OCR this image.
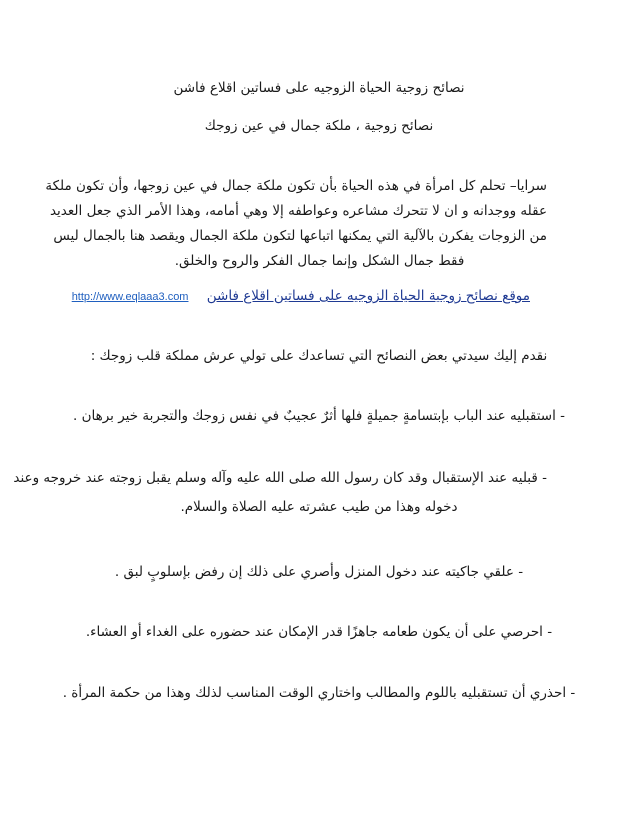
نصائح زوجية الحياة الزوجيه على فساتين اقلاع فاشن
نصائح زوجية ، ملكة جمال في عين زوجك
سرايا– تحلم كل امرأة في هذه الحياة بأن تكون ملكة جمال في عين زوجها، وأن تكون ملكة
عقله ووجدانه و ان لا تتحرك مشاعره وعواطفه إلا وهي أمامه، وهذا الأمر الذي جعل العديد
من الزوجات يفكرن بالآلية التي يمكنها اتباعها لتكون ملكة الجمال ويقصد هنا بالجمال ليس
فقط جمال الشكل وإنما جمال الفكر والروح والخلق.
موقع نصائح زوجية الحياة الزوجيه على فساتين اقلاع فاشن http://www.eqlaaa3.com
نقدم إليك سيدتي بعض النصائح التي تساعدك على تولي عرش مملكة قلب زوجك :
- استقبليه عند الباب بإبتسامةٍ جميلةٍ فلها أثرٌ عجيبٌ في نفس زوجك والتجربة خير برهان .
- قبليه عند الإستقبال وقد كان رسول الله صلى الله عليه وآله وسلم يقبل زوجته عند خروجه وعند
دخوله وهذا من طيب عشرته عليه الصلاة والسلام.
- علقي جاكيته عند دخول المنزل وأصري على ذلك إن رفض بإسلوبٍ لبق .
- احرصي على أن يكون طعامه جاهزًا قدر الإمكان عند حضوره على الغداء أو العشاء.
- احذري أن تستقبليه باللوم والمطالب واختاري الوقت المناسب لذلك وهذا من حكمة المرأة .
